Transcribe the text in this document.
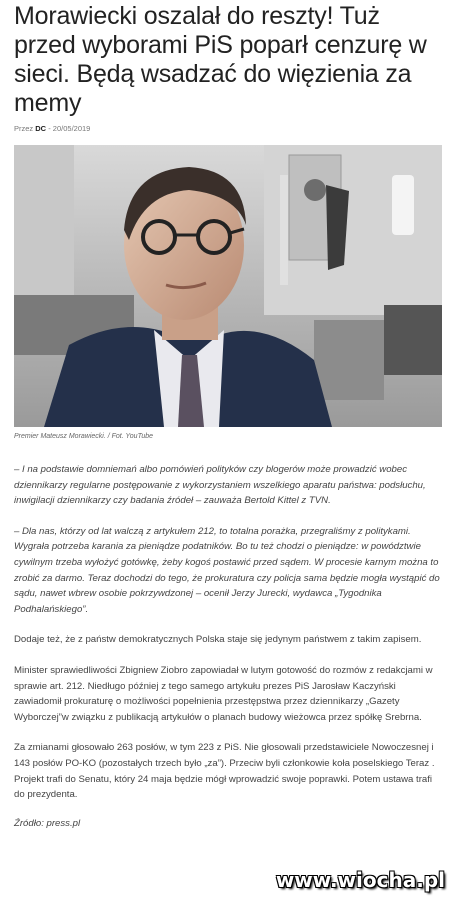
Morawiecki oszalał do reszty! Tuż przed wyborami PiS poparł cenzurę w sieci. Będą wsadzać do więzienia za memy
Przez DC - 20/05/2019
Premier Mateusz Morawiecki. / Fot. YouTube

– I na podstawie domniemań albo pomówień polityków czy blogerów może prowadzić wobec dziennikarzy regularne postępowanie z wykorzystaniem wszelkiego aparatu państwa: podsłuchu, inwigilacji dziennikarzy czy badania źródeł – zauważa Bertold Kittel z TVN.

– Dla nas, którzy od lat walczą z artykułem 212, to totalna porażka, przegraliśmy z politykami. Wygrała potrzeba karania za pieniądze podatników. Bo tu też chodzi o pieniądze: w powództwie cywilnym trzeba wyłożyć gotówkę, żeby kogoś postawić przed sądem. W procesie karnym można to zrobić za darmo. Teraz dochodzi do tego, że prokuratura czy policja sama będzie mogła wystąpić do sądu, nawet wbrew osobie pokrzywdzonej – ocenił Jerzy Jurecki, wydawca „Tygodnika Podhalańskiego”.

Dodaje też, że z państw demokratycznych Polska staje się jedynym państwem z takim zapisem.

Minister sprawiedliwości Zbigniew Ziobro zapowiadał w lutym gotowość do rozmów z redakcjami w sprawie art. 212. Niedługo później z tego samego artykułu prezes PiS Jarosław Kaczyński zawiadomił prokuraturę o możliwości popełnienia przestępstwa przez dziennikarzy „Gazety Wyborczej”w związku z publikacją artykułów o planach budowy wieżowca przez spółkę Srebrna.

Za zmianami głosowało 263 posłów, w tym 223 z PiS. Nie głosowali przedstawiciele Nowoczesnej i 143 posłów PO-KO (pozostałych trzech było „za”). Przeciw byli członkowie koła poselskiego Teraz . Projekt trafi do Senatu, który 24 maja będzie mógł wprowadzić swoje poprawki. Potem ustawa trafi do prezydenta.

Źródło: press.pl
www.wiocha.pl
